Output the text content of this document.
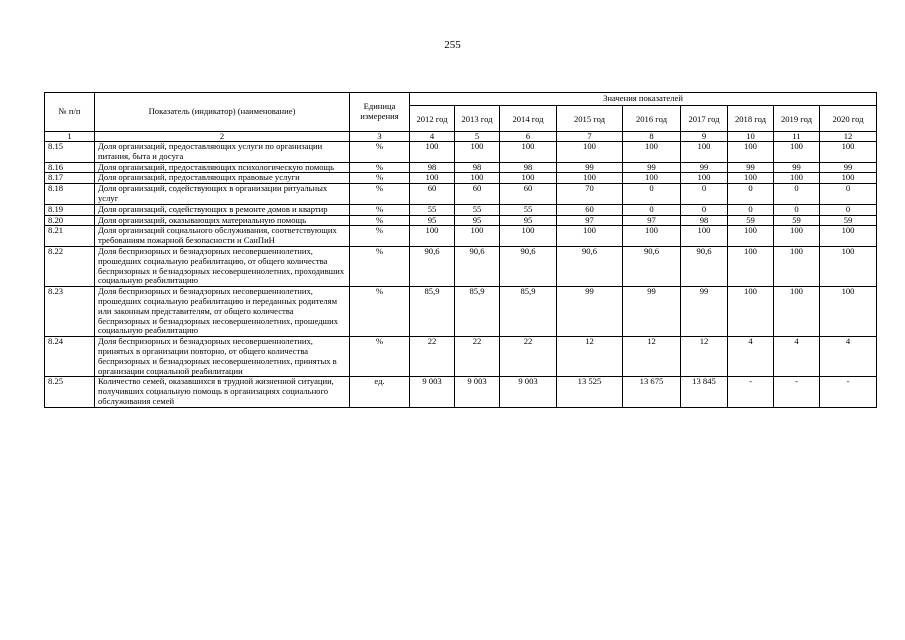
255
№ п/п	Показатель (индикатор) (наименование)	Единица измерения	Значения показателей								
			2012 год	2013 год	2014 год	2015 год	2016 год	2017 год	2018 год	2019 год	2020 год
1	2	3	4	5	6	7	8	9	10	11	12
8.15	Доля организаций, предоставляющих услуги по организации питания, быта и досуга	%	100	100	100	100	100	100	100	100	100
8.16	Доля организаций, предоставляющих психологическую помощь	%	98	98	98	99	99	99	99	99	99
8.17	Доля организаций, предоставляющих правовые услуги	%	100	100	100	100	100	100	100	100	100
8.18	Доля организаций, содействующих в организации ритуальных услуг	%	60	60	60	70	0	0	0	0	0
8.19	Доля организаций, содействующих в ремонте домов и квартир	%	55	55	55	60	0	0	0	0	0
8.20	Доля организаций, оказывающих материальную помощь	%	95	95	95	97	97	98	59	59	59
8.21	Доля организаций социального обслуживания, соответствующих требованиям пожарной безопасности и СанПиН	%	100	100	100	100	100	100	100	100	100
8.22	Доля беспризорных и безнадзорных несовершеннолетних, прошедших социальную реабилитацию, от общего количества беспризорных и безнадзорных несовершеннолетних, проходивших социальную реабилитацию	%	90,6	90,6	90,6	90,6	90,6	90,6	100	100	100
8.23	Доля беспризорных и безнадзорных несовершеннолетних, прошедших социальную реабилитацию и переданных родителям или законным представителям, от общего количества беспризорных и безнадзорных несовершеннолетних, прошедших социальную реабилитацию	%	85,9	85,9	85,9	99	99	99	100	100	100
8.24	Доля беспризорных и безнадзорных несовершеннолетних, принятых в организации повторно, от общего количества беспризорных и безнадзорных несовершеннолетних, принятых в организации социальной реабилитации	%	22	22	22	12	12	12	4	4	4
8.25	Количество семей, оказавшихся в трудной жизненной ситуации, получивших социальную помощь в организациях социального обслуживания семей	ед.	9 003	9 003	9 003	13 525	13 675	13 845	-	-	-
